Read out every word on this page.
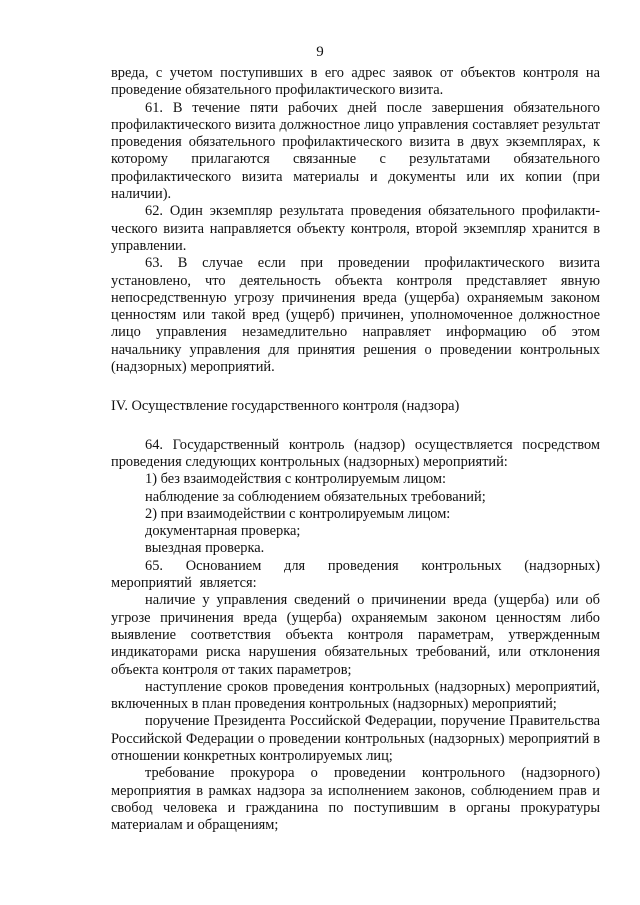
9

вреда, с учетом поступивших в его адрес заявок от объектов контроля на проведение обязательного профилактического визита.

61. В течение пяти рабочих дней после завершения обязательного профилактического визита должностное лицо управления составляет результат проведения обязательного профилактического визита в двух экземплярах, к которому прилагаются связанные с результатами обязательного профилактического визита материалы и документы или их копии (при наличии).

62. Один экземпляр результата проведения обязательного профилактического визита направляется объекту контроля, второй экземпляр хранится в управлении.

63. В случае если при проведении профилактического визита установлено, что деятельность объекта контроля представляет явную непосредственную угрозу причинения вреда (ущерба) охраняемым законом ценностям или такой вред (ущерб) причинен, уполномоченное должностное лицо управления незамедлительно направляет информацию об этом начальнику управления для принятия решения о проведении контрольных (надзорных) мероприятий.

IV. Осуществление государственного контроля (надзора)

64. Государственный контроль (надзор) осуществляется посредством проведения следующих контрольных (надзорных) мероприятий:

1) без взаимодействия с контролируемым лицом:

наблюдение за соблюдением обязательных требований;

2) при взаимодействии с контролируемым лицом:

документарная проверка;

выездная проверка.

65. Основанием для проведения контрольных (надзорных) мероприятий является:

наличие у управления сведений о причинении вреда (ущерба) или об угрозе причинения вреда (ущерба) охраняемым законом ценностям либо выявление соответствия объекта контроля параметрам, утвержденным индикаторами риска нарушения обязательных требований, или отклонения объекта контроля от таких параметров;

наступление сроков проведения контрольных (надзорных) мероприятий, включенных в план проведения контрольных (надзорных) мероприятий;

поручение Президента Российской Федерации, поручение Правительства Российской Федерации о проведении контрольных (надзорных) мероприятий в отношении конкретных контролируемых лиц;

требование прокурора о проведении контрольного (надзорного) мероприятия в рамках надзора за исполнением законов, соблюдением прав и свобод человека и гражданина по поступившим в органы прокуратуры материалам и обращениям;
